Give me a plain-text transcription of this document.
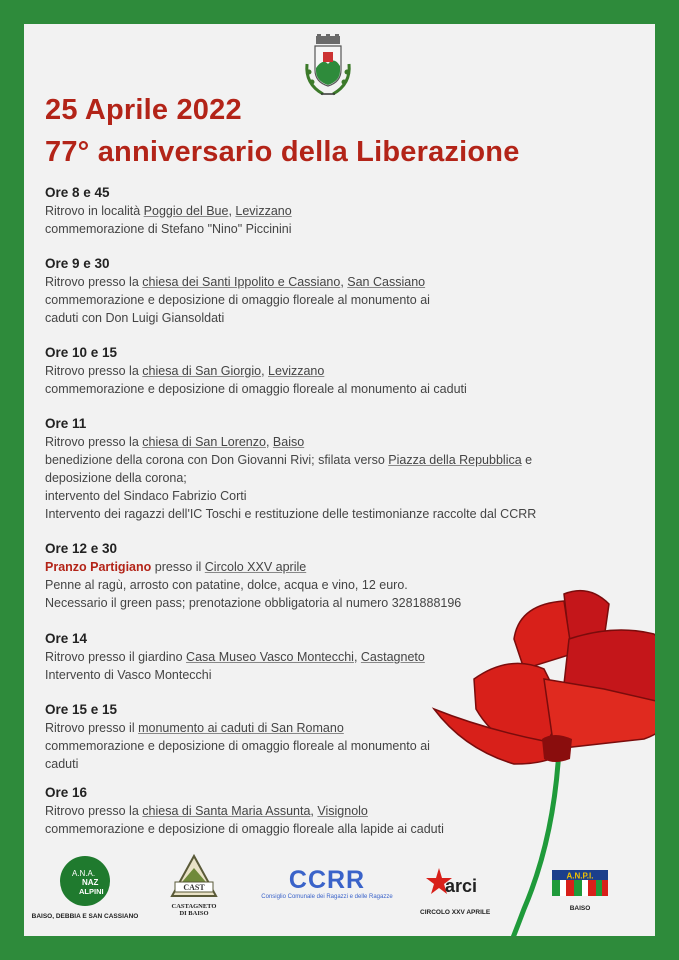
25 Aprile 2022
77° anniversario della Liberazione
Ore 8 e 45
Ritrovo in località Poggio del Bue, Levizzano
commemorazione di Stefano "Nino" Piccinini
Ore 9 e 30
Ritrovo presso la chiesa dei Santi Ippolito e Cassiano, San Cassiano
commemorazione e deposizione di omaggio floreale al monumento ai
caduti con Don Luigi Giansoldati
Ore 10 e 15
Ritrovo presso la chiesa di San Giorgio, Levizzano
commemorazione e deposizione di omaggio floreale al monumento ai caduti
Ore 11
Ritrovo presso la chiesa di San Lorenzo, Baiso
benedizione della corona con Don Giovanni Rivi; sfilata verso Piazza della Repubblica e
deposizione della corona;
intervento del Sindaco Fabrizio Corti
Intervento dei ragazzi dell'IC Toschi e restituzione delle testimonianze raccolte dal CCRR
Ore 12 e 30
Pranzo Partigiano presso il Circolo XXV aprile
Penne al ragù, arrosto con patatine, dolce, acqua e vino, 12 euro.
Necessario il green pass; prenotazione obbligatoria al numero 3281888196
Ore 14
Ritrovo presso il giardino Casa Museo Vasco Montecchi, Castagneto
Intervento di Vasco Montecchi
Ore 15 e 15
Ritrovo presso il monumento ai caduti di San Romano
commemorazione e deposizione di omaggio floreale al monumento ai
caduti
Ore 16
Ritrovo presso la chiesa di Santa Maria Assunta, Visignolo
commemorazione e deposizione di omaggio floreale alla lapide ai caduti
A.N.A.
NAZ
ALPINI
BAISO, DEBBIA E SAN CASSIANO
CAST
CASTAGNETO
DI BAISO
CCRR
Consiglio Comunale dei Ragazzi e delle Ragazze
arci
CIRCOLO XXV APRILE
A.N.P.I.
BAISO
